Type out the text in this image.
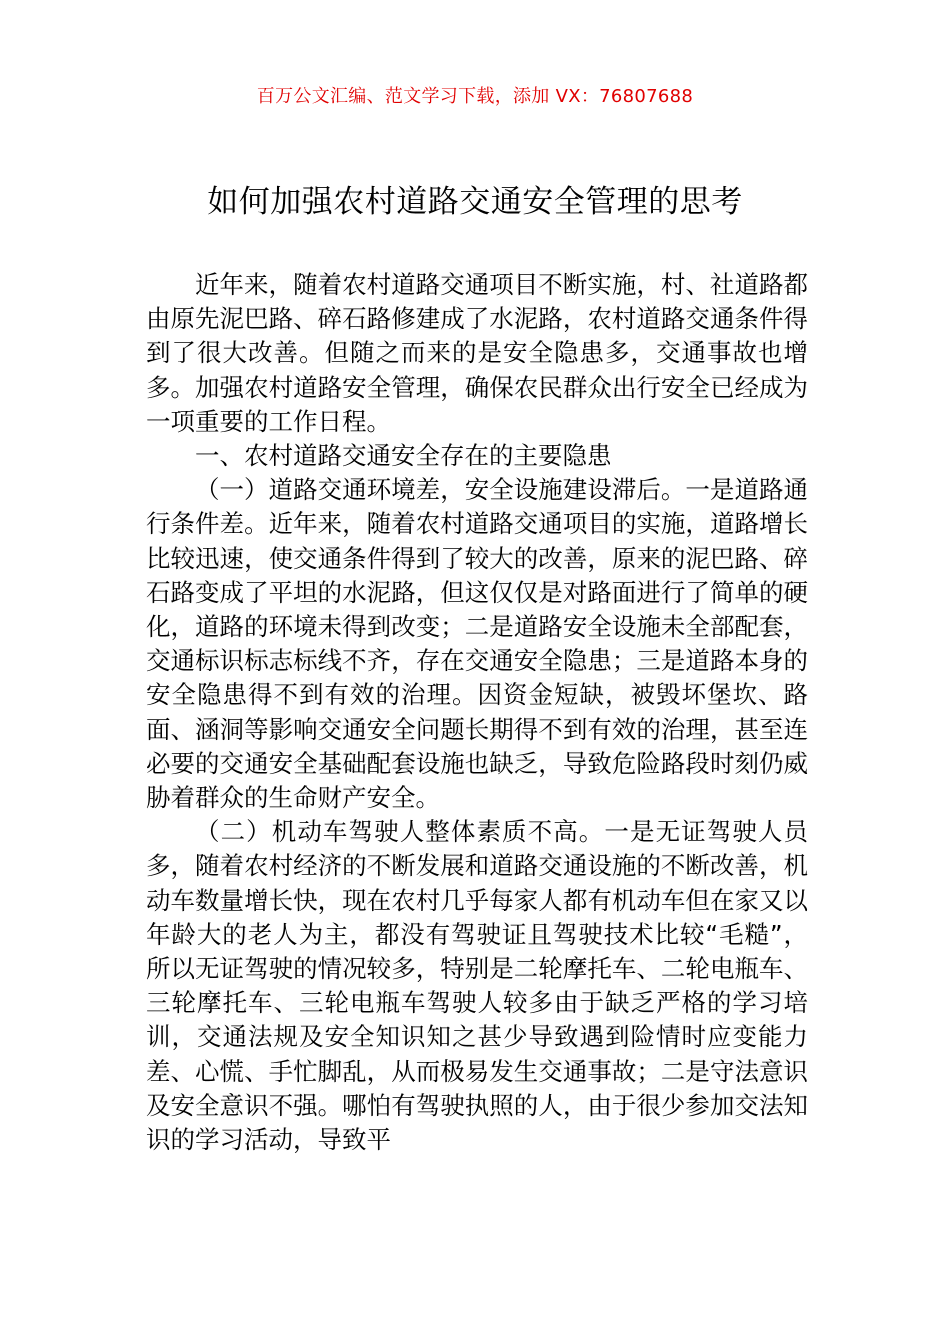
百万公文汇编、范文学习下载，添加 VX：76807688
如何加强农村道路交通安全管理的思考

近年来，随着农村道路交通项目不断实施，村、社道路都由原先泥巴路、碎石路修建成了水泥路，农村道路交通条件得到了很大改善。但随之而来的是安全隐患多，交通事故也增多。加强农村道路安全管理，确保农民群众出行安全已经成为一项重要的工作日程。

一、农村道路交通安全存在的主要隐患

（一）道路交通环境差，安全设施建设滞后。一是道路通行条件差。近年来，随着农村道路交通项目的实施，道路增长比较迅速，使交通条件得到了较大的改善，原来的泥巴路、碎石路变成了平坦的水泥路，但这仅仅是对路面进行了简单的硬化，道路的环境未得到改变；二是道路安全设施未全部配套，交通标识标志标线不齐，存在交通安全隐患；三是道路本身的安全隐患得不到有效的治理。因资金短缺，被毁坏堡坎、路面、涵洞等影响交通安全问题长期得不到有效的治理，甚至连必要的交通安全基础配套设施也缺乏，导致危险路段时刻仍威胁着群众的生命财产安全。

（二）机动车驾驶人整体素质不高。一是无证驾驶人员多，随着农村经济的不断发展和道路交通设施的不断改善，机动车数量增长快，现在农村几乎每家人都有机动车但在家又以年龄大的老人为主，都没有驾驶证且驾驶技术比较“毛糙”，所以无证驾驶的情况较多，特别是二轮摩托车、二轮电瓶车、三轮摩托车、三轮电瓶车驾驶人较多由于缺乏严格的学习培训，交通法规及安全知识知之甚少导致遇到险情时应变能力差、心慌、手忙脚乱，从而极易发生交通事故；二是守法意识及安全意识不强。哪怕有驾驶执照的人，由于很少参加交法知识的学习活动，导致平
